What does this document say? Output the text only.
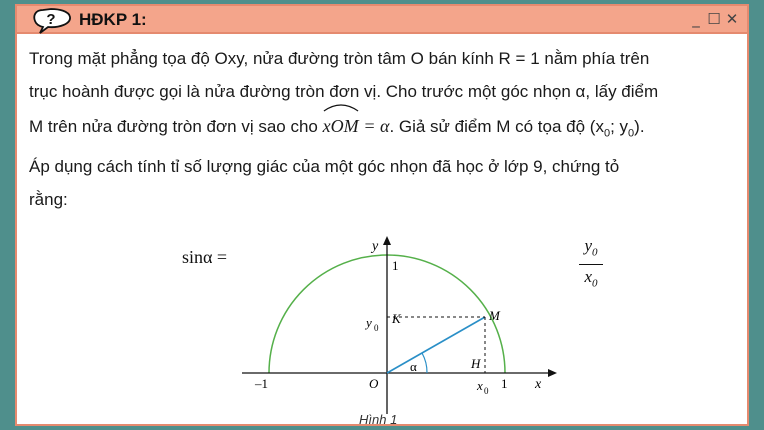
? HĐKP 1:	_ ☐ ✕

Trong mặt phẳng tọa độ Oxy, nửa đường tròn tâm O bán kính R = 1 nằm phía trên

trục hoành được gọi là nửa đường tròn đơn vị. Cho trước một góc nhọn α, lấy điểm

M trên nửa đường tròn đơn vị sao cho xOM = α. Giả sử điểm M có tọa độ ($x_0$; $y_0$).

Áp dụng cách tính tỉ số lượng giác của một góc nhọn đã học ở lớp 9, chứng tỏ

rằng:

sinα =
$y_0$
$x_0$
y
1
K	M
y 0
H
α
O
–1	x 0 1 x
Hình 1
